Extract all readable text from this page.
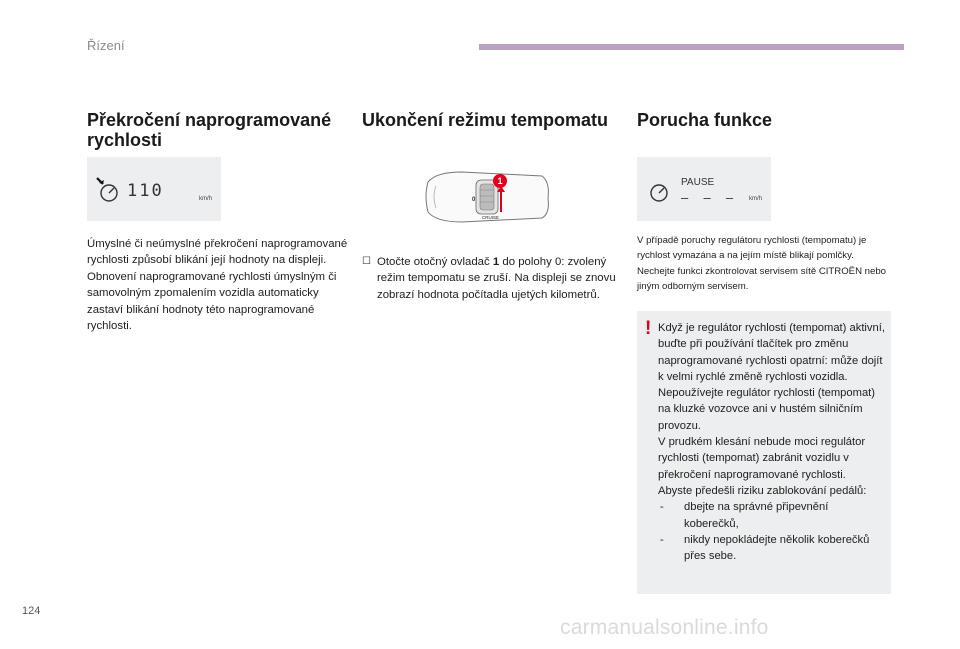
Řízení
Překročení naprogramované rychlosti
110	km/h
Úmyslné či neúmyslné překročení naprogramované rychlosti způsobí blikání její hodnoty na displeji. Obnovení naprogramované rychlosti úmyslným či samovolným zpomalením vozidla automaticky zastaví blikání hodnoty této naprogramované rychlosti.
Ukončení režimu tempomatu
1
0
CRUISE
☐ Otočte otočný ovladač 1 do polohy 0: zvolený režim tempomatu se zruší. Na displeji se znovu zobrazí hodnota počítadla ujetých kilometrů.
Porucha funkce
PAUSE
– – – km/h
V případě poruchy regulátoru rychlosti (tempomatu) je rychlost vymazána a na jejím místě blikají pomlčky. Nechejte funkci zkontrolovat servisem sítě CITROËN nebo jiným odborným servisem.
! Když je regulátor rychlosti (tempomat) aktivní, buďte při používání tlačítek pro změnu naprogramované rychlosti opatrní: může dojít k velmi rychlé změně rychlosti vozidla.

Nepoužívejte regulátor rychlosti (tempomat) na kluzké vozovce ani v hustém silničním provozu.

V prudkém klesání nebude moci regulátor rychlosti (tempomat) zabránit vozidlu v překročení naprogramované rychlosti.

Abyste předešli riziku zablokování pedálů:

- dbejte na správné připevnění koberečků,
- nikdy nepokládejte několik koberečků přes sebe.
124
carmanualsonline.info
